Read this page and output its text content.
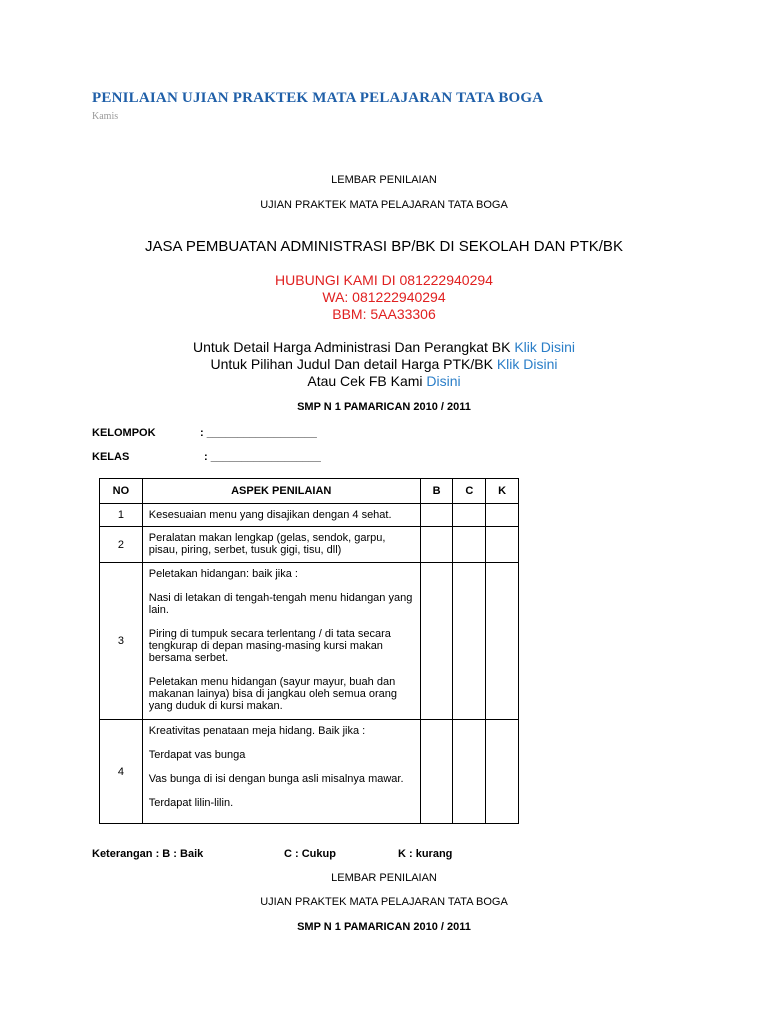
PENILAIAN UJIAN PRAKTEK MATA PELAJARAN TATA BOGA
Kamis
LEMBAR PENILAIAN
UJIAN PRAKTEK MATA PELAJARAN TATA BOGA
JASA PEMBUATAN ADMINISTRASI BP/BK DI SEKOLAH DAN PTK/BK
HUBUNGI KAMI DI 081222940294
WA: 081222940294
BBM: 5AA33306
Untuk Detail Harga Administrasi Dan Perangkat BK Klik Disini
Untuk Pilihan Judul Dan detail Harga PTK/BK Klik Disini
Atau Cek FB Kami Disini
SMP N 1 PAMARICAN 2010 / 2011
KELOMPOK	: __________________
KELAS	: __________________
NO	ASPEK PENILAIAN	B	C	K
1	Kesesuaian menu yang disajikan dengan 4 sehat.			

2	Peralatan makan lengkap (gelas, sendok, garpu, pisau, piring, serbet, tusuk gigi, tisu, dll)			

3	Peletakan hidangan: baik jika :

Nasi di letakan di tengah-tengah menu hidangan yang lain.

Piring di tumpuk secara terlentang / di tata secara tengkurap di depan masing-masing kursi makan bersama serbet.

Peletakan menu hidangan (sayur mayur, buah dan makanan lainya) bisa di jangkau oleh semua orang yang duduk di kursi makan.			

4	Kreativitas penataan meja hidang. Baik jika :

Terdapat vas bunga

Vas bunga di isi dengan bunga asli misalnya mawar.

Terdapat lilin-lilin.			

Keterangan : B : Baik	C : Cukup	K : kurang
LEMBAR PENILAIAN
UJIAN PRAKTEK MATA PELAJARAN TATA BOGA
SMP N 1 PAMARICAN 2010 / 2011
